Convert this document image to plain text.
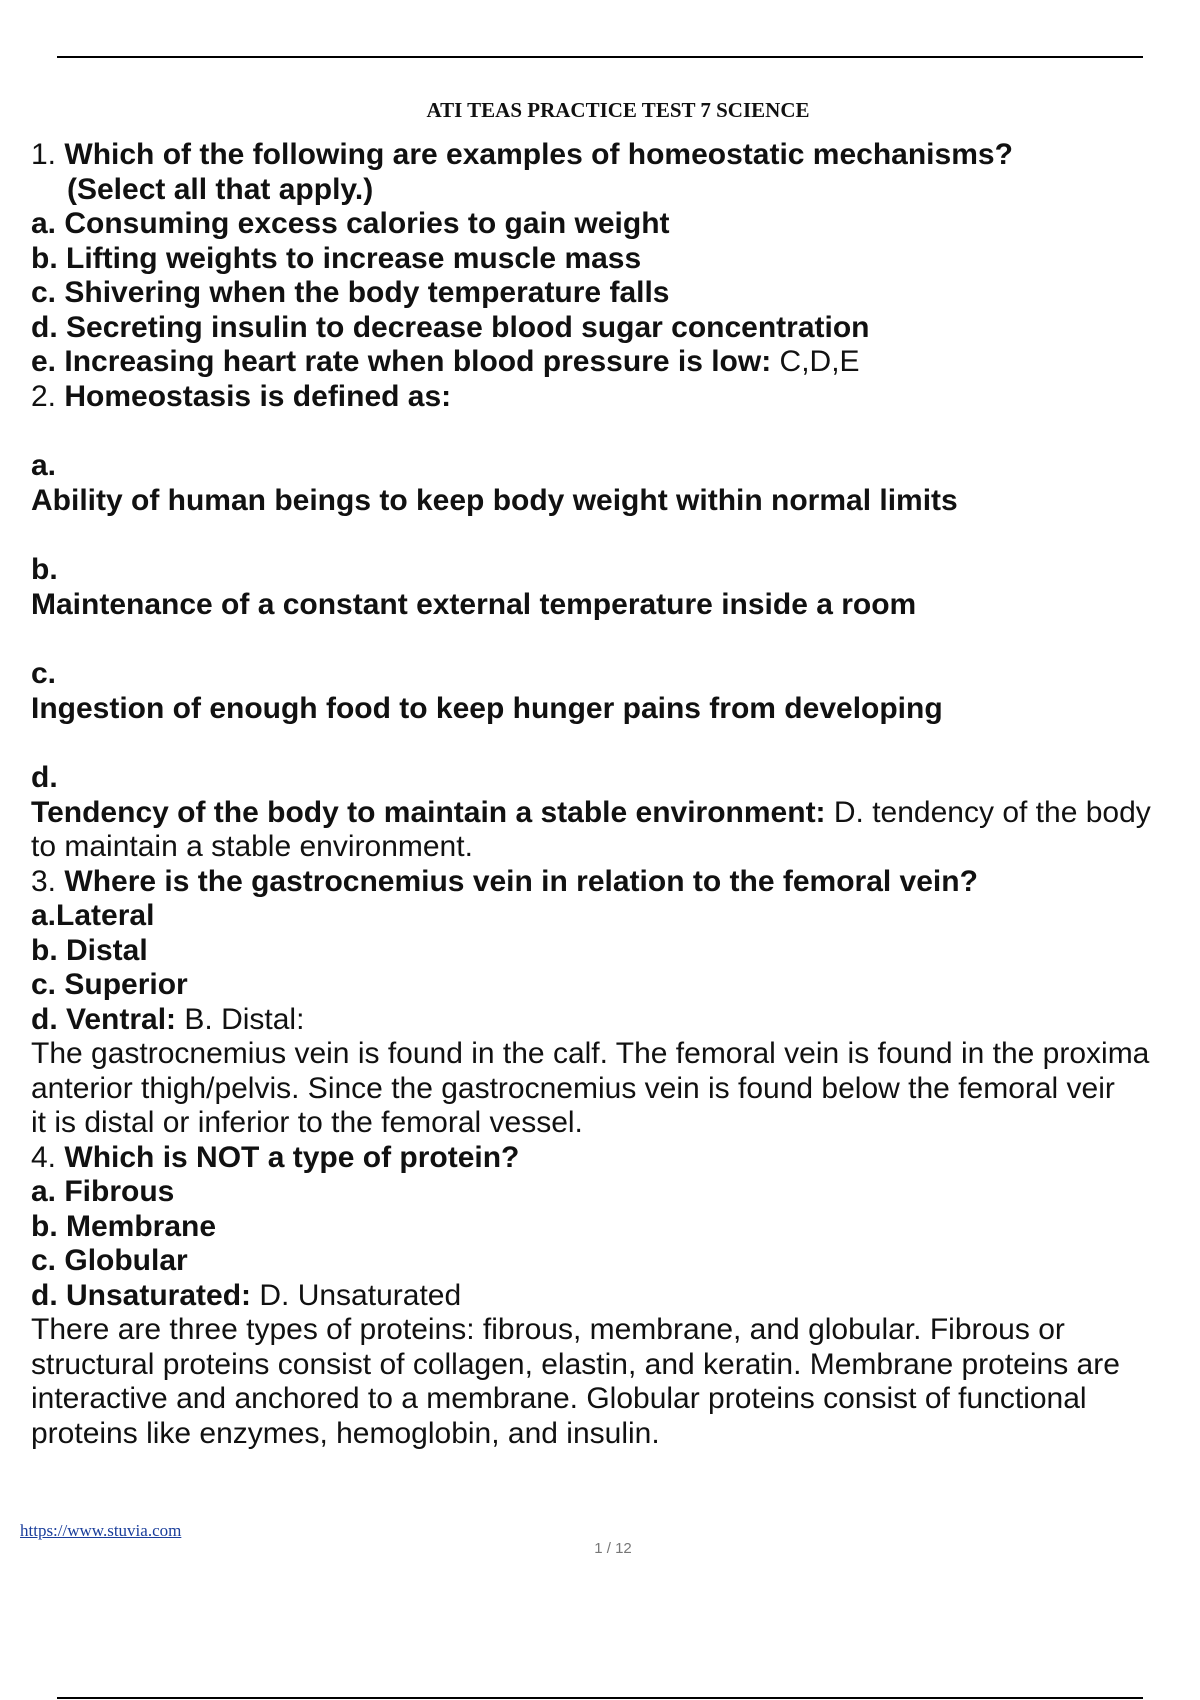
ATI TEAS PRACTICE TEST 7 SCIENCE
1. Which of the following are examples of homeostatic mechanisms?
(Select all that apply.)
a. Consuming excess calories to gain weight
b. Lifting weights to increase muscle mass
c. Shivering when the body temperature falls
d. Secreting insulin to decrease blood sugar concentration
e. Increasing heart rate when blood pressure is low: C,D,E
2. Homeostasis is defined as:
a.
Ability of human beings to keep body weight within normal limits
b.
Maintenance of a constant external temperature inside a room
c.
Ingestion of enough food to keep hunger pains from developing
d.
Tendency of the body to maintain a stable environment: D. tendency of the body
to maintain a stable environment.
3. Where is the gastrocnemius vein in relation to the femoral vein?
a.Lateral
b. Distal
c. Superior
d. Ventral: B. Distal:
The gastrocnemius vein is found in the calf. The femoral vein is found in the proxima
anterior thigh/pelvis. Since the gastrocnemius vein is found below the femoral veir
it is distal or inferior to the femoral vessel.
4. Which is NOT a type of protein?
a. Fibrous
b. Membrane
c. Globular
d. Unsaturated: D. Unsaturated
There are three types of proteins: fibrous, membrane, and globular. Fibrous or
structural proteins consist of collagen, elastin, and keratin. Membrane proteins are
interactive and anchored to a membrane. Globular proteins consist of functional
proteins like enzymes, hemoglobin, and insulin.
https://www.stuvia.com
1 / 12
